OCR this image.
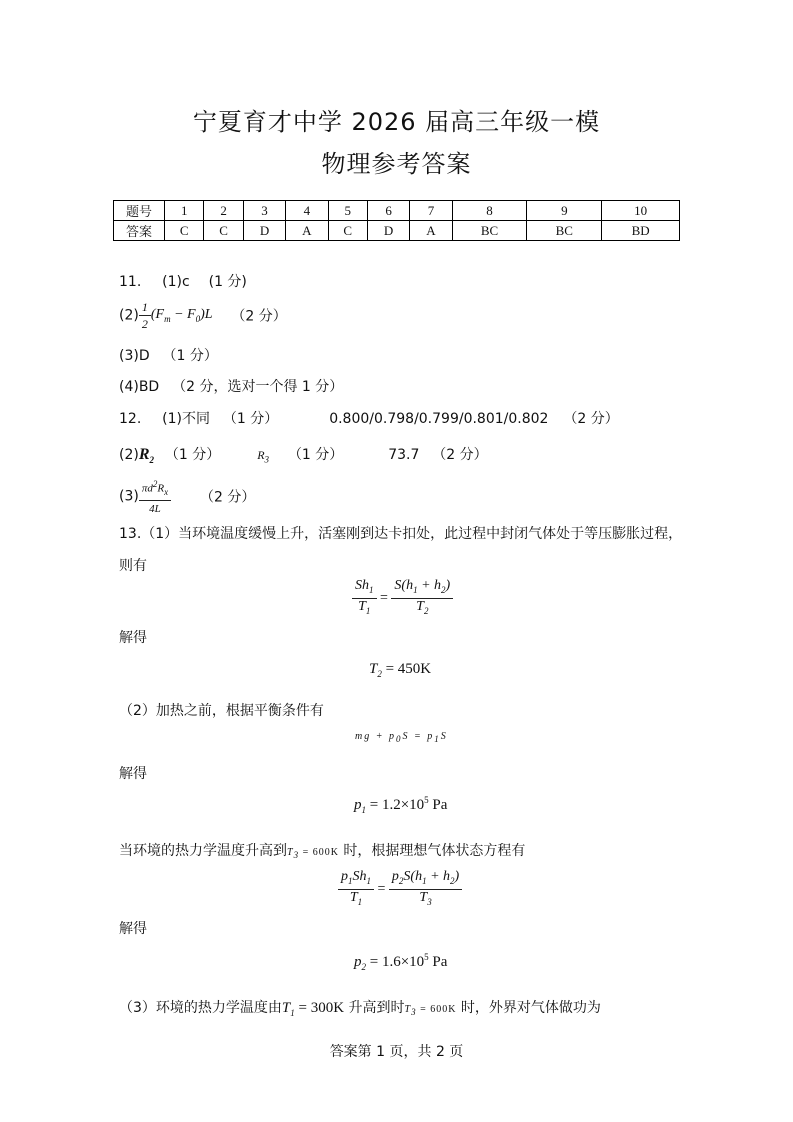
宁夏育才中学 2026 届高三年级一模
物理参考答案
题号	1	2	3	4	5	6	7	8	9	10
答案	C	C	D	A	C	D	A	BC	BC	BD
11. (1)c (1 分)
$(2) \frac{1}{2} (F_m - F_0)L$ （2 分）
(3)D （1 分）
(4)BD （2 分，选对一个得 1 分）
12. (1)不同 （1 分）	0.800/0.798/0.799/0.801/0.802 （2 分）
$(2)R_2$ （1 分）	$R_3$ （1 分）	73.7 （2 分）
$(3) \frac{\pi d^2R_x}{4L} (2$ 分）
13.（1）当环境温度缓慢上升，活塞刚到达卡扣处，此过程中封闭气体处于等压膨胀过程，
则有
$\frac{Sh_1}{T_1} = \frac{S(h_1 + h_2)}{T_2}$
解得
$T_2 = 450K$
（2）加热之前，根据平衡条件有
mg + $p_0S = p_1S$
解得
$p_1 = 1.2\times 10^5$ Pa
当环境的热力学温度升高到$T_3 = 600K$ 时，根据理想气体状态方程有
$\frac{p_1Sh_1}{T_1} = \frac{p_2S(h_1 + h_2)}{T_3}$
解得
$p_2 = 1.6\times 10^5$ Pa
（3）环境的热力学温度由$T_1 = 300K$ 升高到时$T_3 = 600K$ 时，外界对气体做功为
答案第 1 页，共 2 页
